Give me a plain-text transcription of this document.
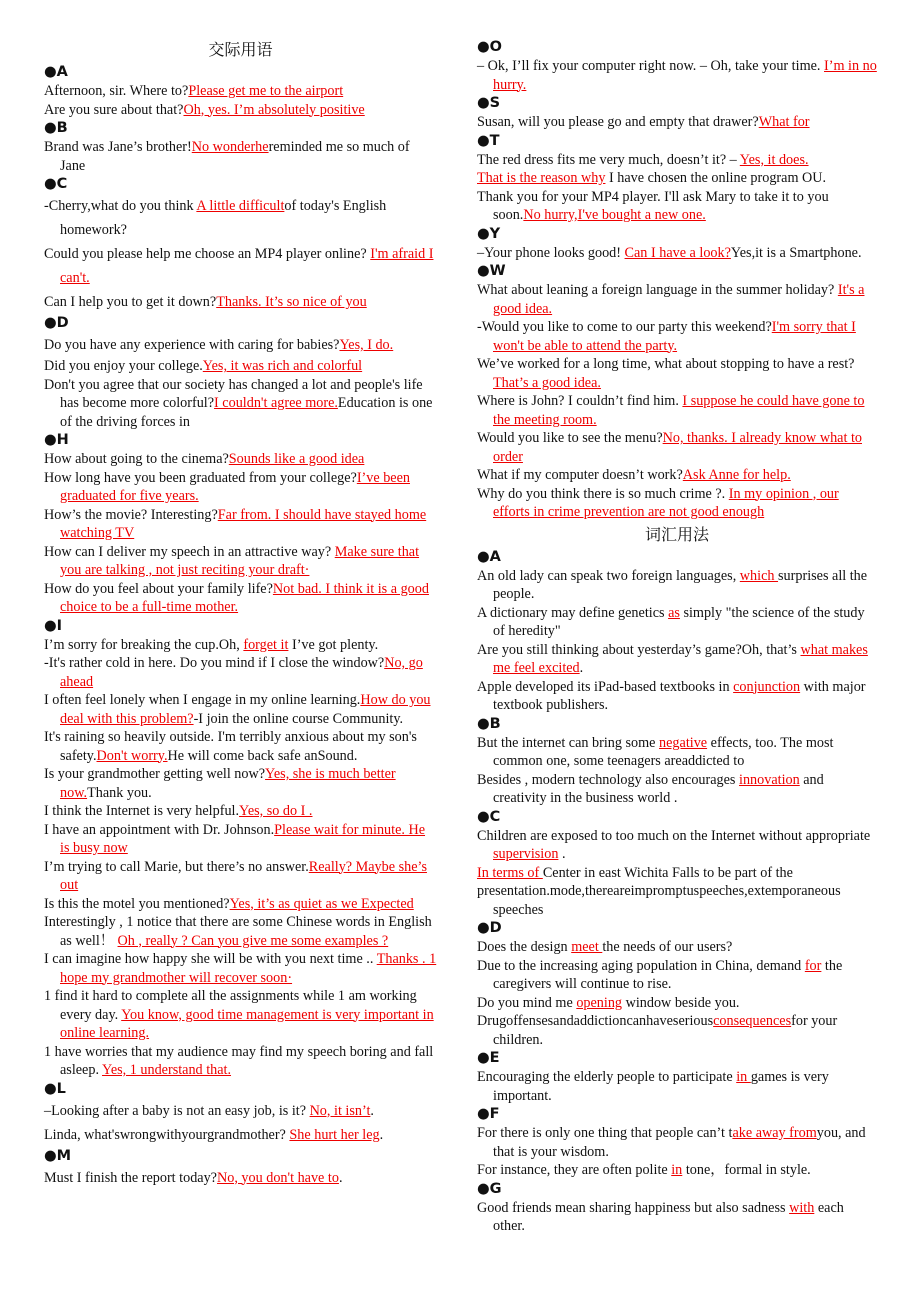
交际用语
●A
Afternoon, sir. Where to?Please get me to the airport
Are you sure about that?Oh, yes. I’m absolutely positive
●B
Brand was Jane’s brother!No wonderhereminded me so much of Jane
●C
-Cherry,what do you think A little difficultof today's English homework?
Could you please help me choose an MP4 player online? I'm afraid I can't.
Can I help you to get it down?Thanks. It’s so nice of you
●D
Do you have any experience with caring for babies?Yes, I do.
Did you enjoy your college.Yes, it was rich and colorful
Don't you agree that our society has changed a lot and people's life has become more colorful?I couldn't agree more.Education is one of the driving forces in
●H
How about going to the cinema?Sounds like a good idea
How long have you been graduated from your college?I’ve been graduated for five years.
How’s the movie? Interesting?Far from. I should have stayed home watching TV
How can I deliver my speech in an attractive way? Make sure that you are talking , not just reciting your draft·
How do you feel about your family life?Not bad. I think it is a good choice to be a full-time mother.
●I
I’m sorry for breaking the cup.Oh, forget it I’ve got plenty.
-It's rather cold in here. Do you mind if I close the window?No, go ahead
I often feel lonely when I engage in my online learning.How do you deal with this problem?-I join the online course Community.
It's raining so heavily outside. I'm terribly anxious about my son's safety.Don't worry.He will come back safe anSound.
Is your grandmother getting well now?Yes, she is much better now.Thank you.
I think the Internet is very helpful.Yes, so do I .
I have an appointment with Dr. Johnson.Please wait for minute. He is busy now
I’m trying to call Marie, but there’s no answer.Really? Maybe she’s out
Is this the motel you mentioned?Yes, it’s as quiet as we Expected
Interestingly , 1 notice that there are some Chinese words in English as well！ Oh , really ? Can you give me some examples ?
I can imagine how happy she will be with you next time .. Thanks . 1 hope my grandmother will recover soon·
1 find it hard to complete all the assignments while 1 am working every day. You know, good time management is very important in online learning.
1 have worries that my audience may find my speech boring and fall asleep. Yes, 1 understand that.
●L
–Looking after a baby is not an easy job, is it? No, it isn’t.
Linda, what'swrongwithyourgrandmother? She hurt her leg.
●M
Must I finish the report today?No, you don't have to.
●O
– Ok, I’ll fix your computer right now. – Oh, take your time. I’m in no hurry.
●S
Susan, will you please go and empty that drawer?What for
●T
The red dress fits me very much, doesn’t it? – Yes, it does.
That is the reason why I have chosen the online program OU.
Thank you for your MP4 player. I'll ask Mary to take it to you soon.No hurry,I've bought a new one.
●Y
–Your phone looks good! Can I have a look?Yes,it is a Smartphone.
●W
What about leaning a foreign language in the summer holiday? It's a good idea.
-Would you like to come to our party this weekend?I'm sorry that I won't be able to attend the party.
We’ve worked for a long time, what about stopping to have a rest?That’s a good idea.
Where is John? I couldn’t find him. I suppose he could have gone to the meeting room.
Would you like to see the menu?No, thanks. I already know what to order
What if my computer doesn’t work?Ask Anne for help.
Why do you think there is so much crime ?. In my opinion , our efforts in crime prevention are not good enough
词汇用法
●A
An old lady can speak two foreign languages, which surprises all the people.
A dictionary may define genetics as simply "the science of the study of heredity"
Are you still thinking about yesterday’s game?Oh, that’s what makes me feel excited.
Apple developed its iPad-based textbooks in conjunction with major textbook publishers.
●B
But the internet can bring some negative effects, too. The most common one, some teenagers areaddicted to
Besides , modern technology also encourages innovation and creativity in the business world .
●C
Children are exposed to too much on the Internet without appropriate supervision .
In terms of Center in east Wichita Falls to be part of the
presentation.mode,thereareimpromptuspeeches,extemporaneous speeches
●D
Does the design meet the needs of our users?
Due to the increasing aging population in China, demand for the caregivers will continue to rise.
Do you mind me opening window beside you.
Drugoffensesandaddictioncanhaveseriousconsequencesfor your children.
●E
Encouraging the elderly people to participate in games is very important.
●F
For there is only one thing that people can’t take away fromyou, and that is your wisdom.
For instance, they are often polite in tone，formal in style.
●G
Good friends mean sharing happiness but also sadness with each other.
